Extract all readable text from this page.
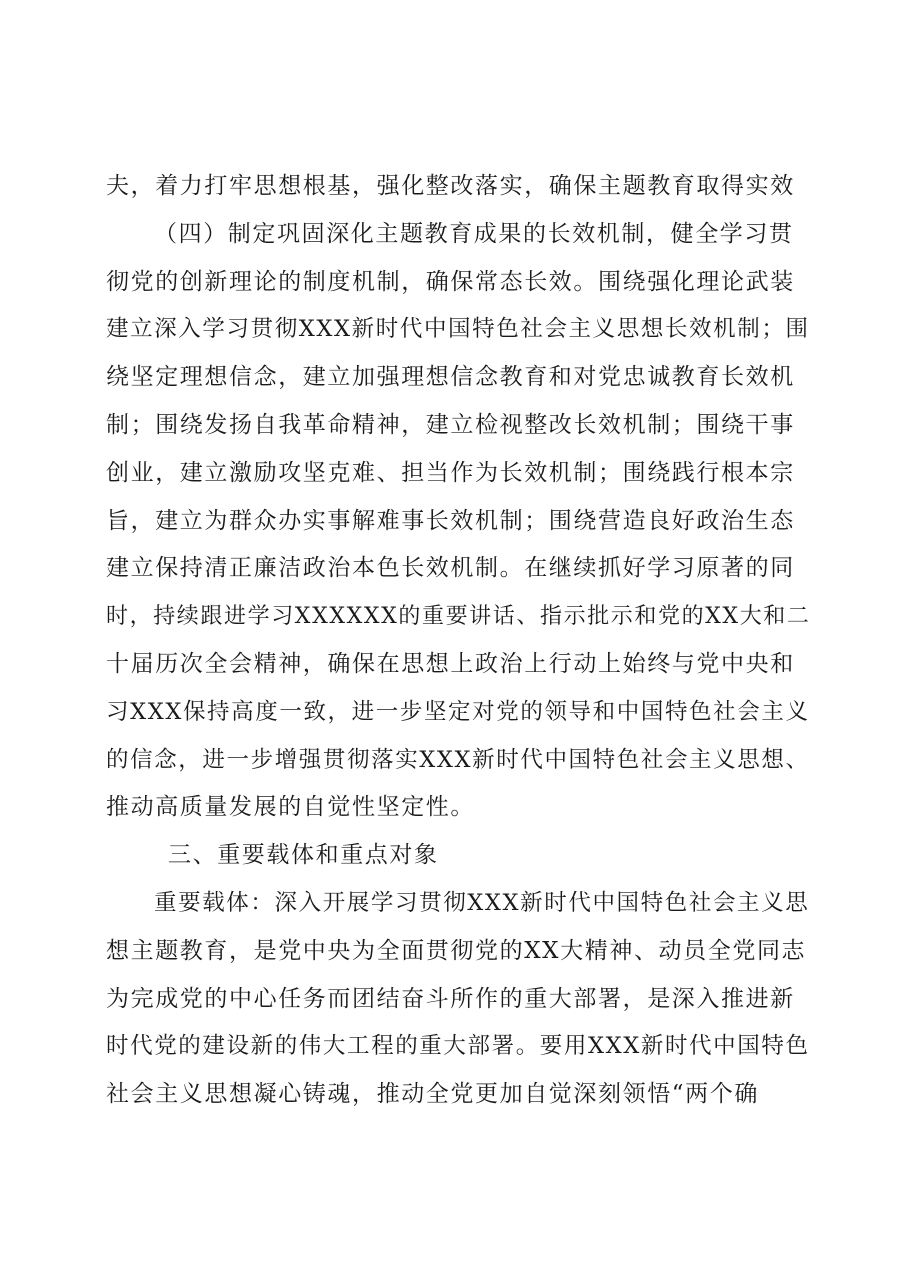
夫，着力打牢思想根基，强化整改落实，确保主题教育取得实效
（四）制定巩固深化主题教育成果的长效机制，健全学习贯
彻党的创新理论的制度机制，确保常态长效。围绕强化理论武装
建立深入学习贯彻XXX新时代中国特色社会主义思想长效机制；围
绕坚定理想信念，建立加强理想信念教育和对党忠诚教育长效机
制；围绕发扬自我革命精神，建立检视整改长效机制；围绕干事
创业，建立激励攻坚克难、担当作为长效机制；围绕践行根本宗
旨，建立为群众办实事解难事长效机制；围绕营造良好政治生态
建立保持清正廉洁政治本色长效机制。在继续抓好学习原著的同
时，持续跟进学习XXXXXX的重要讲话、指示批示和党的XX大和二
十届历次全会精神，确保在思想上政治上行动上始终与党中央和
习XXX保持高度一致，进一步坚定对党的领导和中国特色社会主义
的信念，进一步增强贯彻落实XXX新时代中国特色社会主义思想、
推动高质量发展的自觉性坚定性。
三、重要载体和重点对象
重要载体：深入开展学习贯彻XXX新时代中国特色社会主义思
想主题教育，是党中央为全面贯彻党的XX大精神、动员全党同志
为完成党的中心任务而团结奋斗所作的重大部署，是深入推进新
时代党的建设新的伟大工程的重大部署。要用XXX新时代中国特色
社会主义思想凝心铸魂，推动全党更加自觉深刻领悟“两个确
